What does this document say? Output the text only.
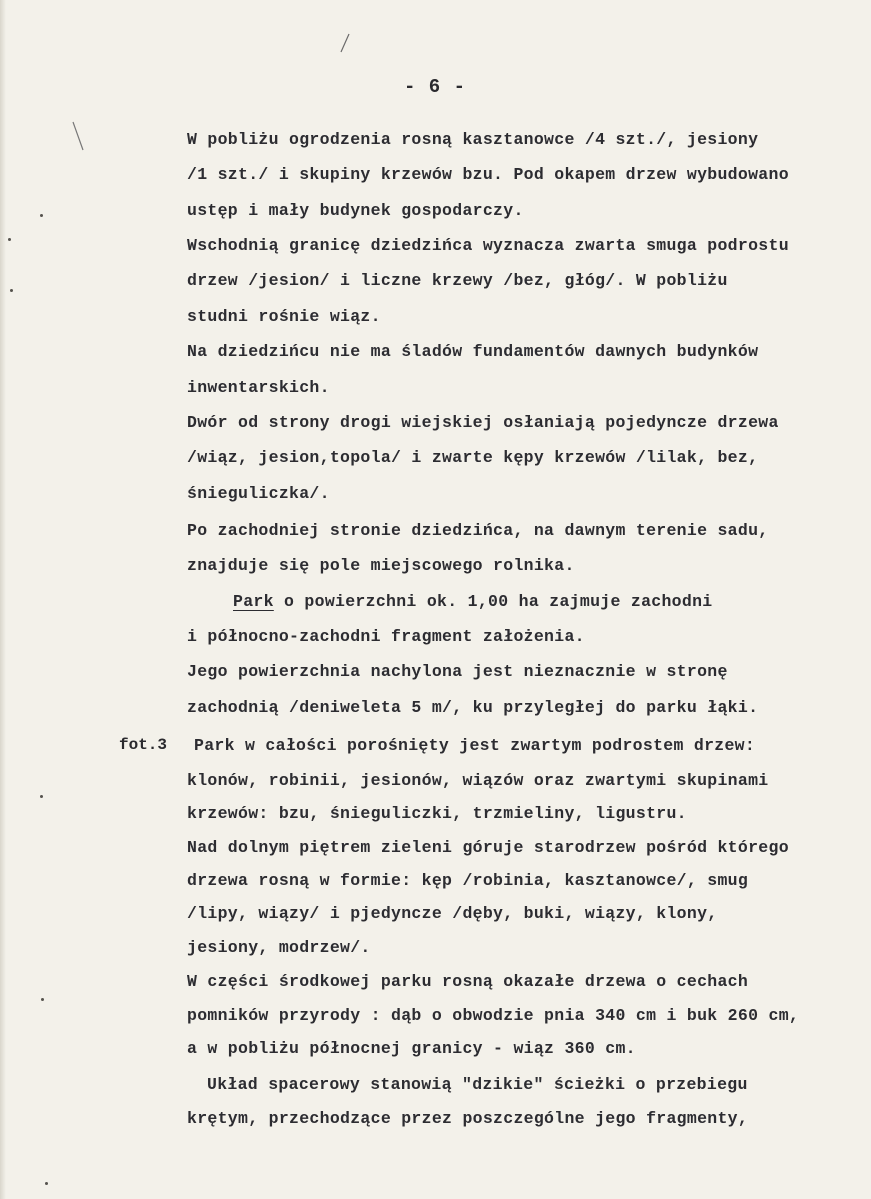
- 6 -
fot.3
W pobliżu ogrodzenia rosną kasztanowce /4 szt./, jesiony
/1 szt./ i skupiny krzewów bzu. Pod okapem drzew wybudowano
ustęp i mały budynek gospodarczy.
Wschodnią granicę dziedzińca wyznacza zwarta smuga podrostu
drzew /jesion/ i liczne krzewy /bez, głóg/. W pobliżu
studni rośnie wiąz.
Na dziedzińcu nie ma śladów fundamentów dawnych budynków
inwentarskich.
Dwór od strony drogi wiejskiej osłaniają pojedyncze drzewa
/wiąz, jesion,topola/ i zwarte kępy krzewów /lilak, bez,
śnieguliczka/.
Po zachodniej stronie dziedzińca, na dawnym terenie sadu,
znajduje się pole miejscowego rolnika.
Park o powierzchni ok. 1,00 ha zajmuje zachodni
i północno-zachodni fragment założenia.
Jego powierzchnia nachylona jest nieznacznie w stronę
zachodnią /deniweleta 5 m/, ku przyległej do parku łąki.
Park w całości porośnięty jest zwartym podrostem drzew:
klonów, robinii, jesionów, wiązów oraz zwartymi skupinami
krzewów: bzu, śnieguliczki, trzmieliny, ligustru.
Nad dolnym piętrem zieleni góruje starodrzew pośród którego
drzewa rosną w formie: kęp /robinia, kasztanowce/, smug
/lipy, wiązy/ i pjedyncze /dęby, buki, wiązy, klony,
jesiony, modrzew/.
W części środkowej parku rosną okazałe drzewa o cechach
pomników przyrody : dąb o obwodzie pnia 340 cm i buk 260 cm,
a w pobliżu północnej granicy - wiąz 360 cm.
Układ spacerowy stanowią "dzikie" ścieżki o przebiegu
krętym, przechodzące przez poszczególne jego fragmenty,
